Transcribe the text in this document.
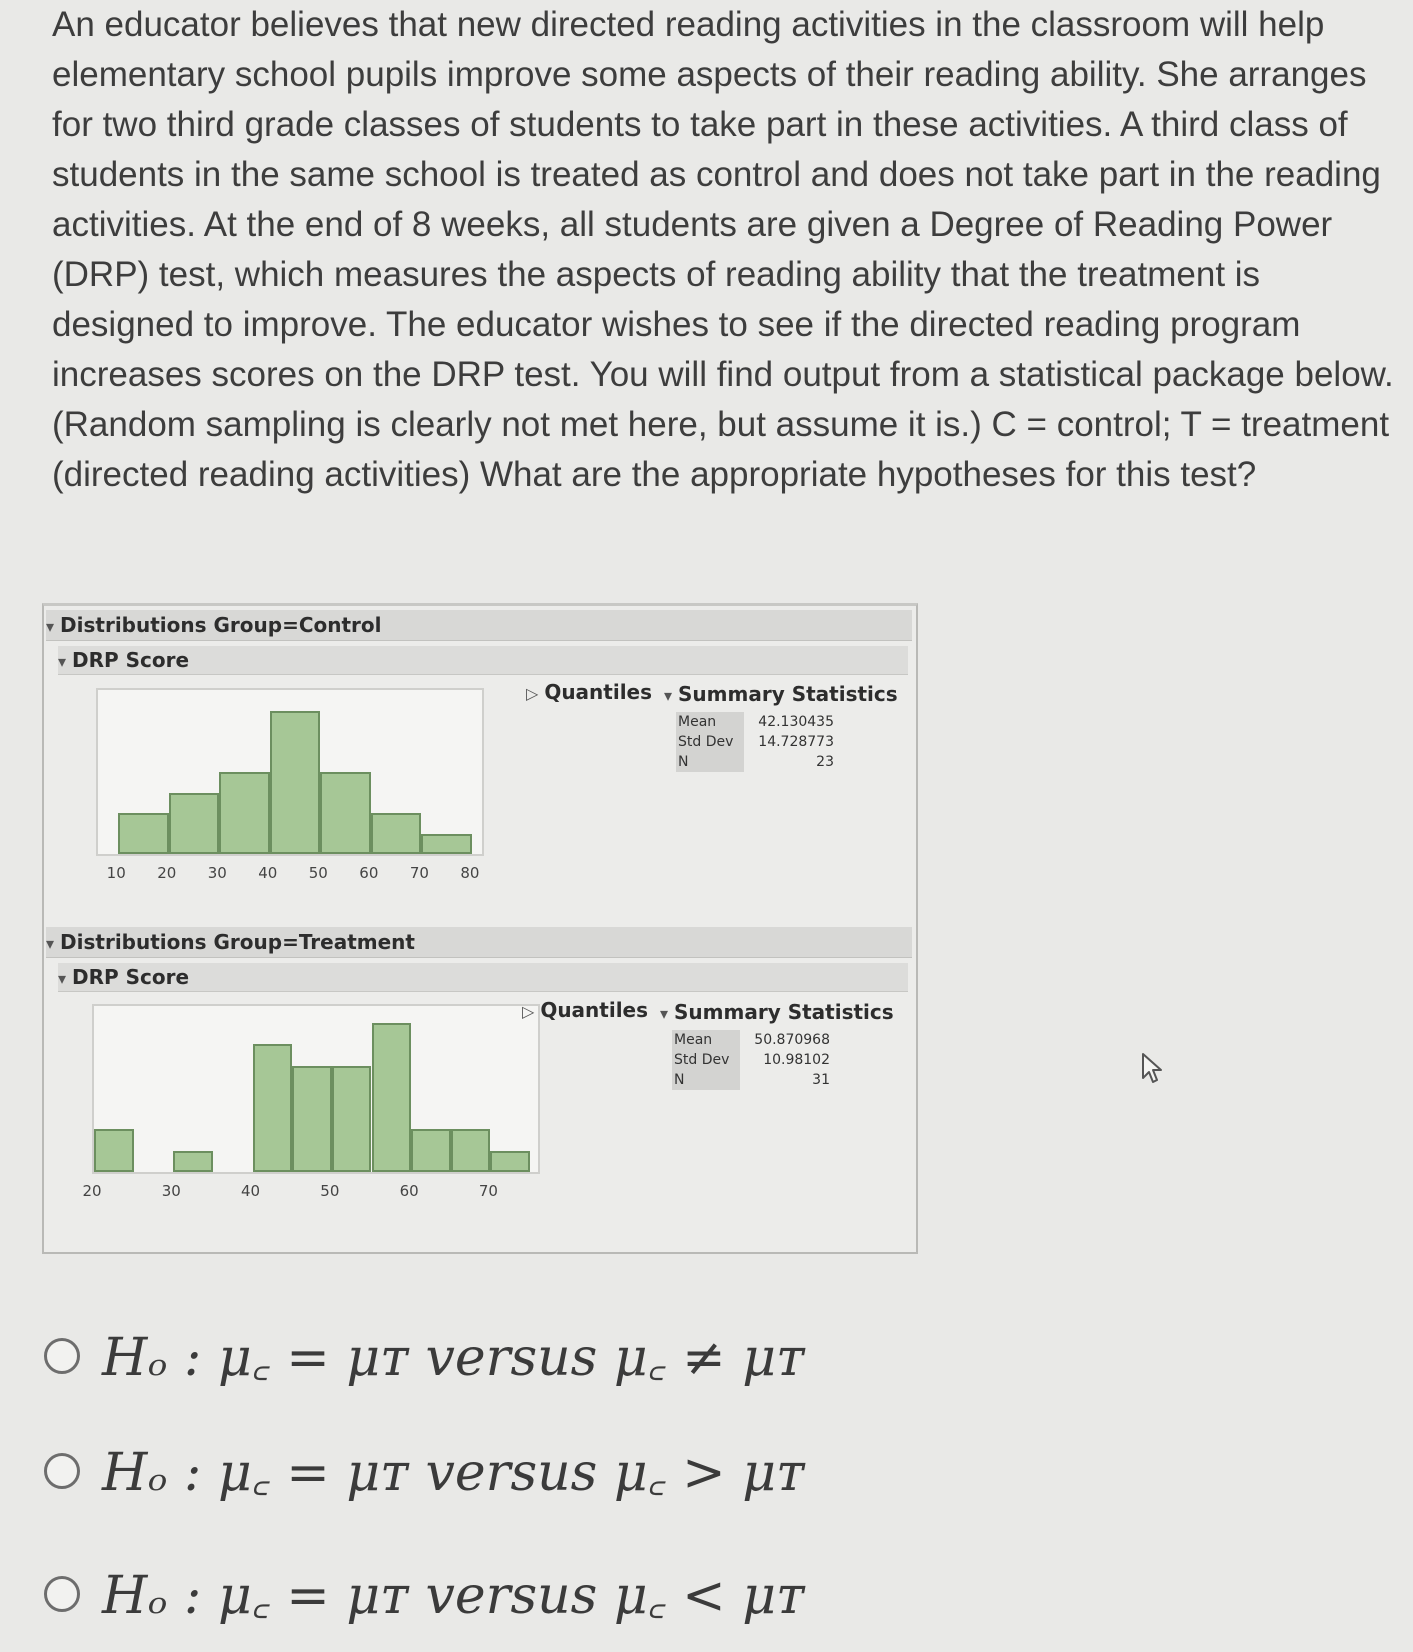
An educator believes that new directed reading activities in the classroom will help elementary school pupils improve some aspects of their reading ability. She arranges for two third grade classes of students to take part in these activities. A third class of students in the same school is treated as control and does not take part in the reading activities. At the end of 8 weeks, all students are given a Degree of Reading Power (DRP) test, which measures the aspects of reading ability that the treatment is designed to improve. The educator wishes to see if the directed reading program increases scores on the DRP test. You will find output from a statistical package below. (Random sampling is clearly not met here, but assume it is.) C = control; T = treatment (directed reading activities) What are the appropriate hypotheses for this test?
▾ Distributions Group=Control
▾ DRP Score
10 20 30 40 50 60 70 80
▷ Quantiles ▾ Summary Statistics
Mean	42.130435
Std Dev	14.728773
N	23
▾ Distributions Group=Treatment
▾ DRP Score
20	30	40	50	60	70
▷ Quantiles ▾ Summary Statistics
Mean	50.870968
Std Dev	10.98102
N	31
Hₒ : μ꜀ = μᴛ versus μ꜀ ≠ μᴛ
Hₒ : μ꜀ = μᴛ versus μ꜀ > μᴛ
Hₒ : μ꜀ = μᴛ versus μ꜀ < μᴛ
